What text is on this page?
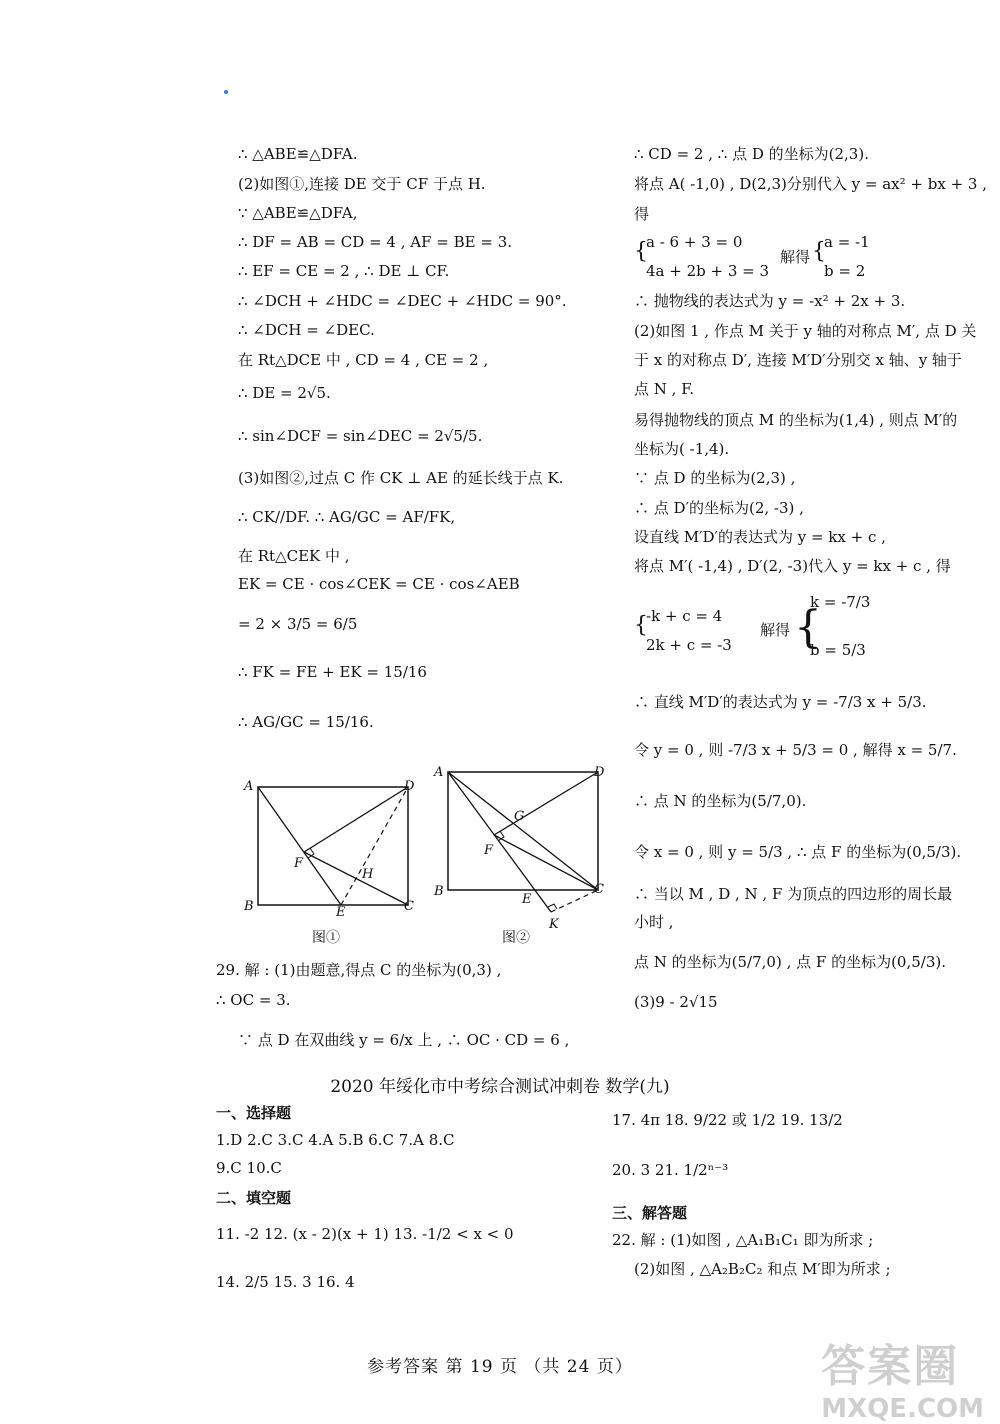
∴ △ABE≌△DFA.
(2)如图①,连接 DE 交于 CF 于点 H.
∵ △ABE≌△DFA,
∴ DF = AB = CD = 4 , AF = BE = 3.
∴ EF = CE = 2 , ∴ DE ⊥ CF.
∴ ∠DCH + ∠HDC = ∠DEC + ∠HDC = 90°.
∴ ∠DCH = ∠DEC.
在 Rt△DCE 中 , CD = 4 , CE = 2 ,
∴ DE = 2√5.
∴ sin∠DCF = sin∠DEC = 2√5/5.
(3)如图②,过点 C 作 CK ⊥ AE 的延长线于点 K.
∴ CK//DF. ∴ AG/GC = AF/FK,
在 Rt△CEK 中 ,
EK = CE · cos∠CEK = CE · cos∠AEB
= 2 × 3/5 = 6/5
∴ FK = FE + EK = 15/16
∴ AG/GC = 15/16.
A
B	C
D
E
F
H
图①
A
B	C
D
E
F
G
K
图②
29. 解 : (1)由题意,得点 C 的坐标为(0,3) ,
∴ OC = 3.
∵ 点 D 在双曲线 y = 6/x 上 , ∴ OC · CD = 6 ,
∴ CD = 2 , ∴ 点 D 的坐标为(2,3).
将点 A( -1,0) , D(2,3)分别代入 y = ax² + bx + 3 ,
得
{
a - 6 + 3 = 0
4a + 2b + 3 = 3
解得 {
a = -1
b = 2
∴ 抛物线的表达式为 y = -x² + 2x + 3.
(2)如图 1 , 作点 M 关于 y 轴的对称点 M′, 点 D 关
于 x 的对称点 D′, 连接 M′D′分别交 x 轴、y 轴于
点 N , F.
易得抛物线的顶点 M 的坐标为(1,4) , 则点 M′的
坐标为( -1,4).
∵ 点 D 的坐标为(2,3) ,
∴ 点 D′的坐标为(2, -3) ,
设直线 M′D′的表达式为 y = kx + c ,
将点 M′( -1,4) , D′(2, -3)代入 y = kx + c , 得
{
-k + c = 4
2k + c = -3
解得 {
k = -7/3
b = 5/3
∴ 直线 M′D′的表达式为 y = -7/3 x + 5/3.
令 y = 0 , 则 -7/3 x + 5/3 = 0 , 解得 x = 5/7.
∴ 点 N 的坐标为(5/7,0).
令 x = 0 , 则 y = 5/3 , ∴ 点 F 的坐标为(0,5/3).
∴ 当以 M , D , N , F 为顶点的四边形的周长最
小时 ,
点 N 的坐标为(5/7,0) , 点 F 的坐标为(0,5/3).
(3)9 - 2√15
2020 年绥化市中考综合测试冲刺卷 数学(九)
一、选择题
1.D 2.C 3.C 4.A 5.B 6.C 7.A 8.C
9.C 10.C
二、填空题
11. -2 12. (x - 2)(x + 1) 13. -1/2 < x < 0
14. 2/5 15. 3 16. 4
17. 4π 18. 9/22 或 1/2 19. 13/2
20. 3 21. 1/2ⁿ⁻³
三、解答题
22. 解 : (1)如图 , △A₁B₁C₁ 即为所求 ;
(2)如图 , △A₂B₂C₂ 和点 M′即为所求 ;
参考答案 第 19 页 （共 24 页）	答案圈
MXQE.COM
